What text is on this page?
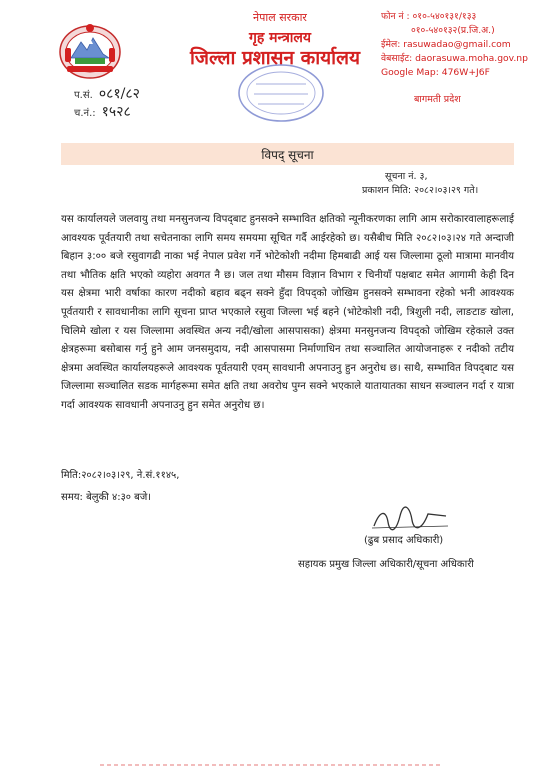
नेपाल सरकार
गृह मन्त्रालय
जिल्ला प्रशासन कार्यालय
फोन नं : ०१०-५४०१३१/१३३
०१०-५४०१३२(प्र.जि.अ.)
ईमेल: rasuwadao@gmail.com
वेबसाईट: daorasuwa.moha.gov.np
Google Map: 476W+J6F
बागमती प्रदेश
प.सं. ०८१/८२
च.नं.: १५२८
विपद् सूचना
सूचना नं. ३,
प्रकाशन मिति: २०८२।०३।२९ गते।
यस कार्यालयले जलवायु तथा मनसुनजन्य विपद्‌बाट हुनसक्ने सम्भावित क्षतिको न्यूनीकरणका लागि आम सरोकारवालाहरूलाई आवश्यक पूर्वतयारी तथा सचेतनाका लागि समय समयमा सूचित गर्दै आईरहेको छ। यसैबीच मिति २०८२।०३।२४ गते अन्दाजी बिहान ३:०० बजे रसुवागढी नाका भई नेपाल प्रवेश गर्ने भोटेकोशी नदीमा हिमबाढी आई यस जिल्लामा ठूलो मात्रामा मानवीय तथा भौतिक क्षति भएको व्यहोरा अवगत नै छ। जल तथा मौसम विज्ञान विभाग र चिनीयाँ पक्षबाट समेत आगामी केही दिन यस क्षेत्रमा भारी वर्षाका कारण नदीको बहाव बढ्न सक्ने हुँदा विपद्को जोखिम हुनसक्ने सम्भावना रहेको भनी आवश्यक पूर्वतयारी र सावधानीका लागि सूचना प्राप्त भएकाले रसुवा जिल्ला भई बहने (भोटेकोशी नदी, त्रिशुली नदी, लाङटाङ खोला, चिलिमे खोला र यस जिल्लामा अवस्थित अन्य नदी/खोला आसपासका) क्षेत्रमा मनसुनजन्य विपद्को जोखिम रहेकाले उक्त क्षेत्रहरूमा बसोबास गर्नु हुने आम जनसमुदाय, नदी आसपासमा निर्माणाधिन तथा सञ्चालित आयोजनाहरू र नदीको तटीय क्षेत्रमा अवस्थित कार्यालयहरूले आवश्यक पूर्वतयारी एवम् सावधानी अपनाउनु हुन अनुरोध छ। साथै, सम्भावित विपद्‌बाट यस जिल्लामा सञ्चालित सडक मार्गहरूमा समेत क्षति तथा अवरोध पुग्न सक्ने भएकाले यातायातका साधन सञ्चालन गर्दा र यात्रा गर्दा आवश्यक सावधानी अपनाउनु हुन समेत अनुरोध छ।
मिति:२०८२।०३।२९, ने.सं.११४५,
समय: बेलुकी ४:३० बजे।
(ढुब प्रसाद अधिकारी)
सहायक प्रमुख जिल्ला अधिकारी/सूचना अधिकारी
